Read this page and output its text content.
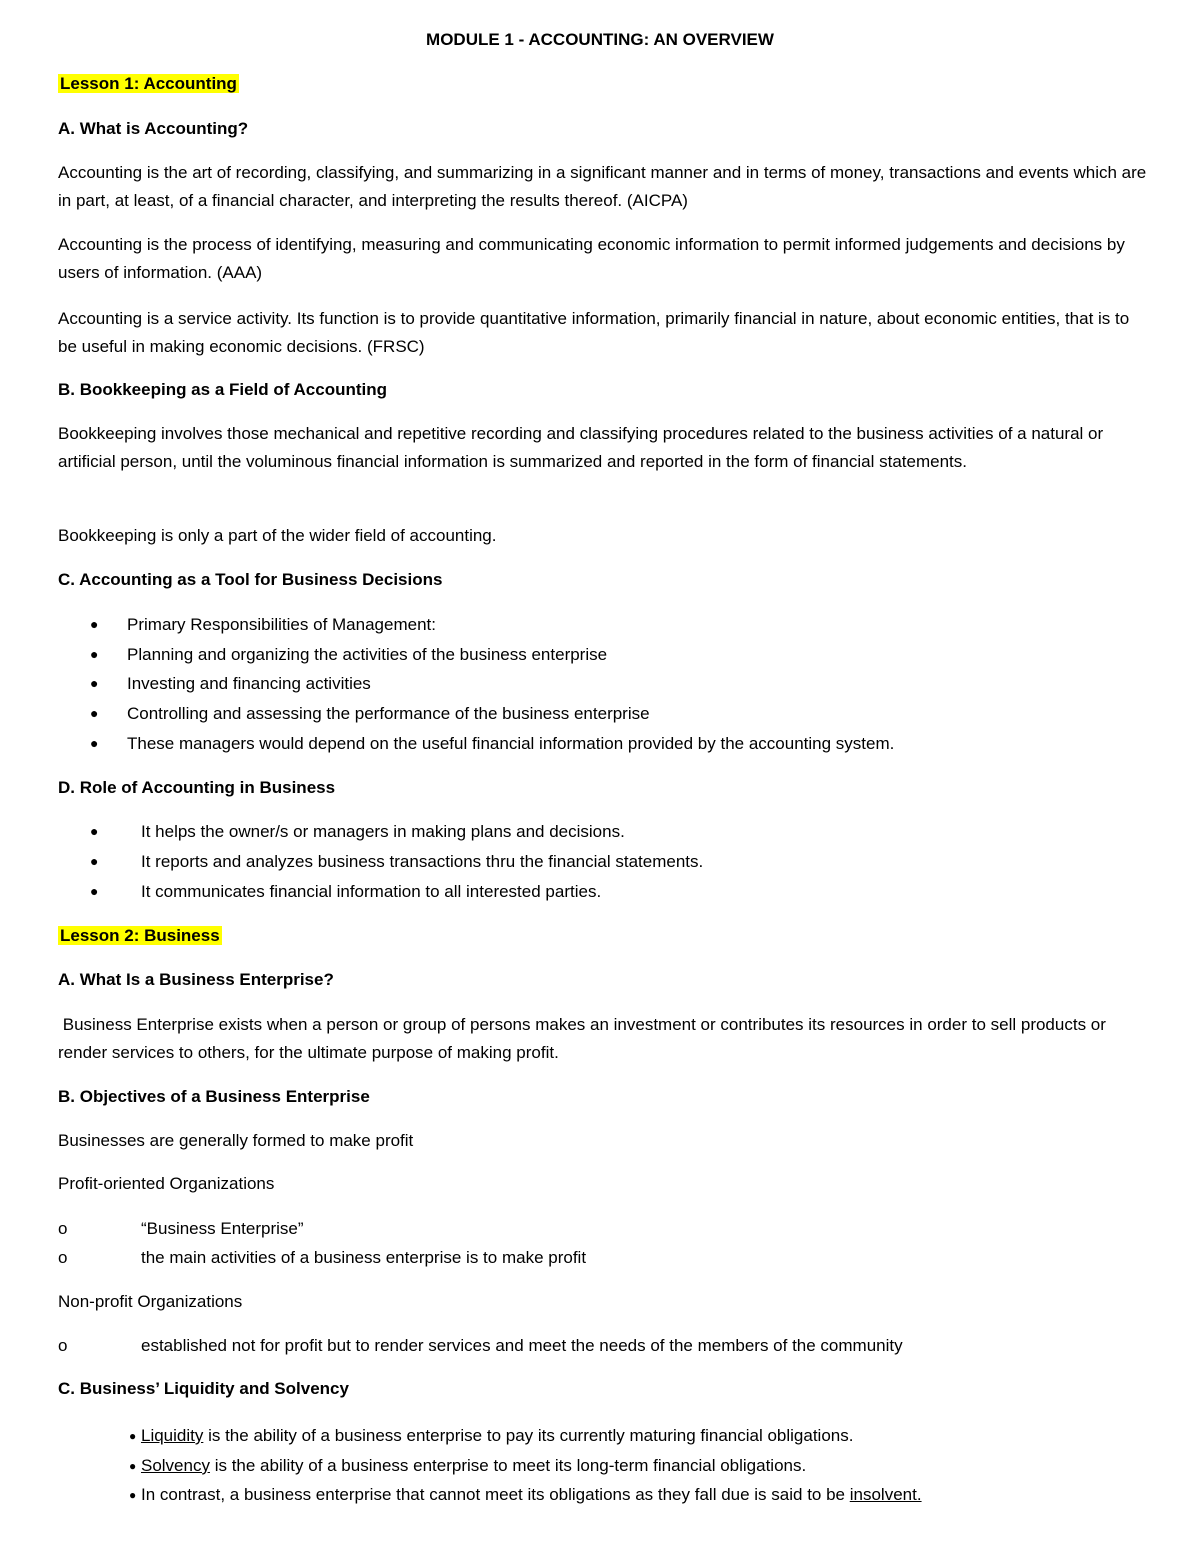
MODULE 1 - ACCOUNTING: AN OVERVIEW
Lesson 1: Accounting
A. What is Accounting?
Accounting is the art of recording, classifying, and summarizing in a significant manner and in terms of money, transactions and events which are in part, at least, of a financial character, and interpreting the results thereof. (AICPA)
Accounting is the process of identifying, measuring and communicating economic information to permit informed judgements and decisions by users of information. (AAA)
Accounting is a service activity. Its function is to provide quantitative information, primarily financial in nature, about economic entities, that is to be useful in making economic decisions. (FRSC)
B. Bookkeeping as a Field of Accounting
Bookkeeping involves those mechanical and repetitive recording and classifying procedures related to the business activities of a natural or artificial person, until the voluminous financial information is summarized and reported in the form of financial statements.
Bookkeeping is only a part of the wider field of accounting.
C. Accounting as a Tool for Business Decisions
● Primary Responsibilities of Management:
● Planning and organizing the activities of the business enterprise
● Investing and financing activities
● Controlling and assessing the performance of the business enterprise
● These managers would depend on the useful financial information provided by the accounting system.
D. Role of Accounting in Business
●	It helps the owner/s or managers in making plans and decisions.
●	It reports and analyzes business transactions thru the financial statements.
●	It communicates financial information to all interested parties.
Lesson 2: Business
A. What Is a Business Enterprise?
Business Enterprise exists when a person or group of persons makes an investment or contributes its resources in order to sell products or render services to others, for the ultimate purpose of making profit.
B. Objectives of a Business Enterprise
Businesses are generally formed to make profit
Profit-oriented Organizations
o	“Business Enterprise”
o	the main activities of a business enterprise is to make profit
Non-profit Organizations
o	established not for profit but to render services and meet the needs of the members of the community
C. Business’ Liquidity and Solvency
● Liquidity is the ability of a business enterprise to pay its currently maturing financial obligations.
● Solvency is the ability of a business enterprise to meet its long-term financial obligations.
● In contrast, a business enterprise that cannot meet its obligations as they fall due is said to be insolvent.
